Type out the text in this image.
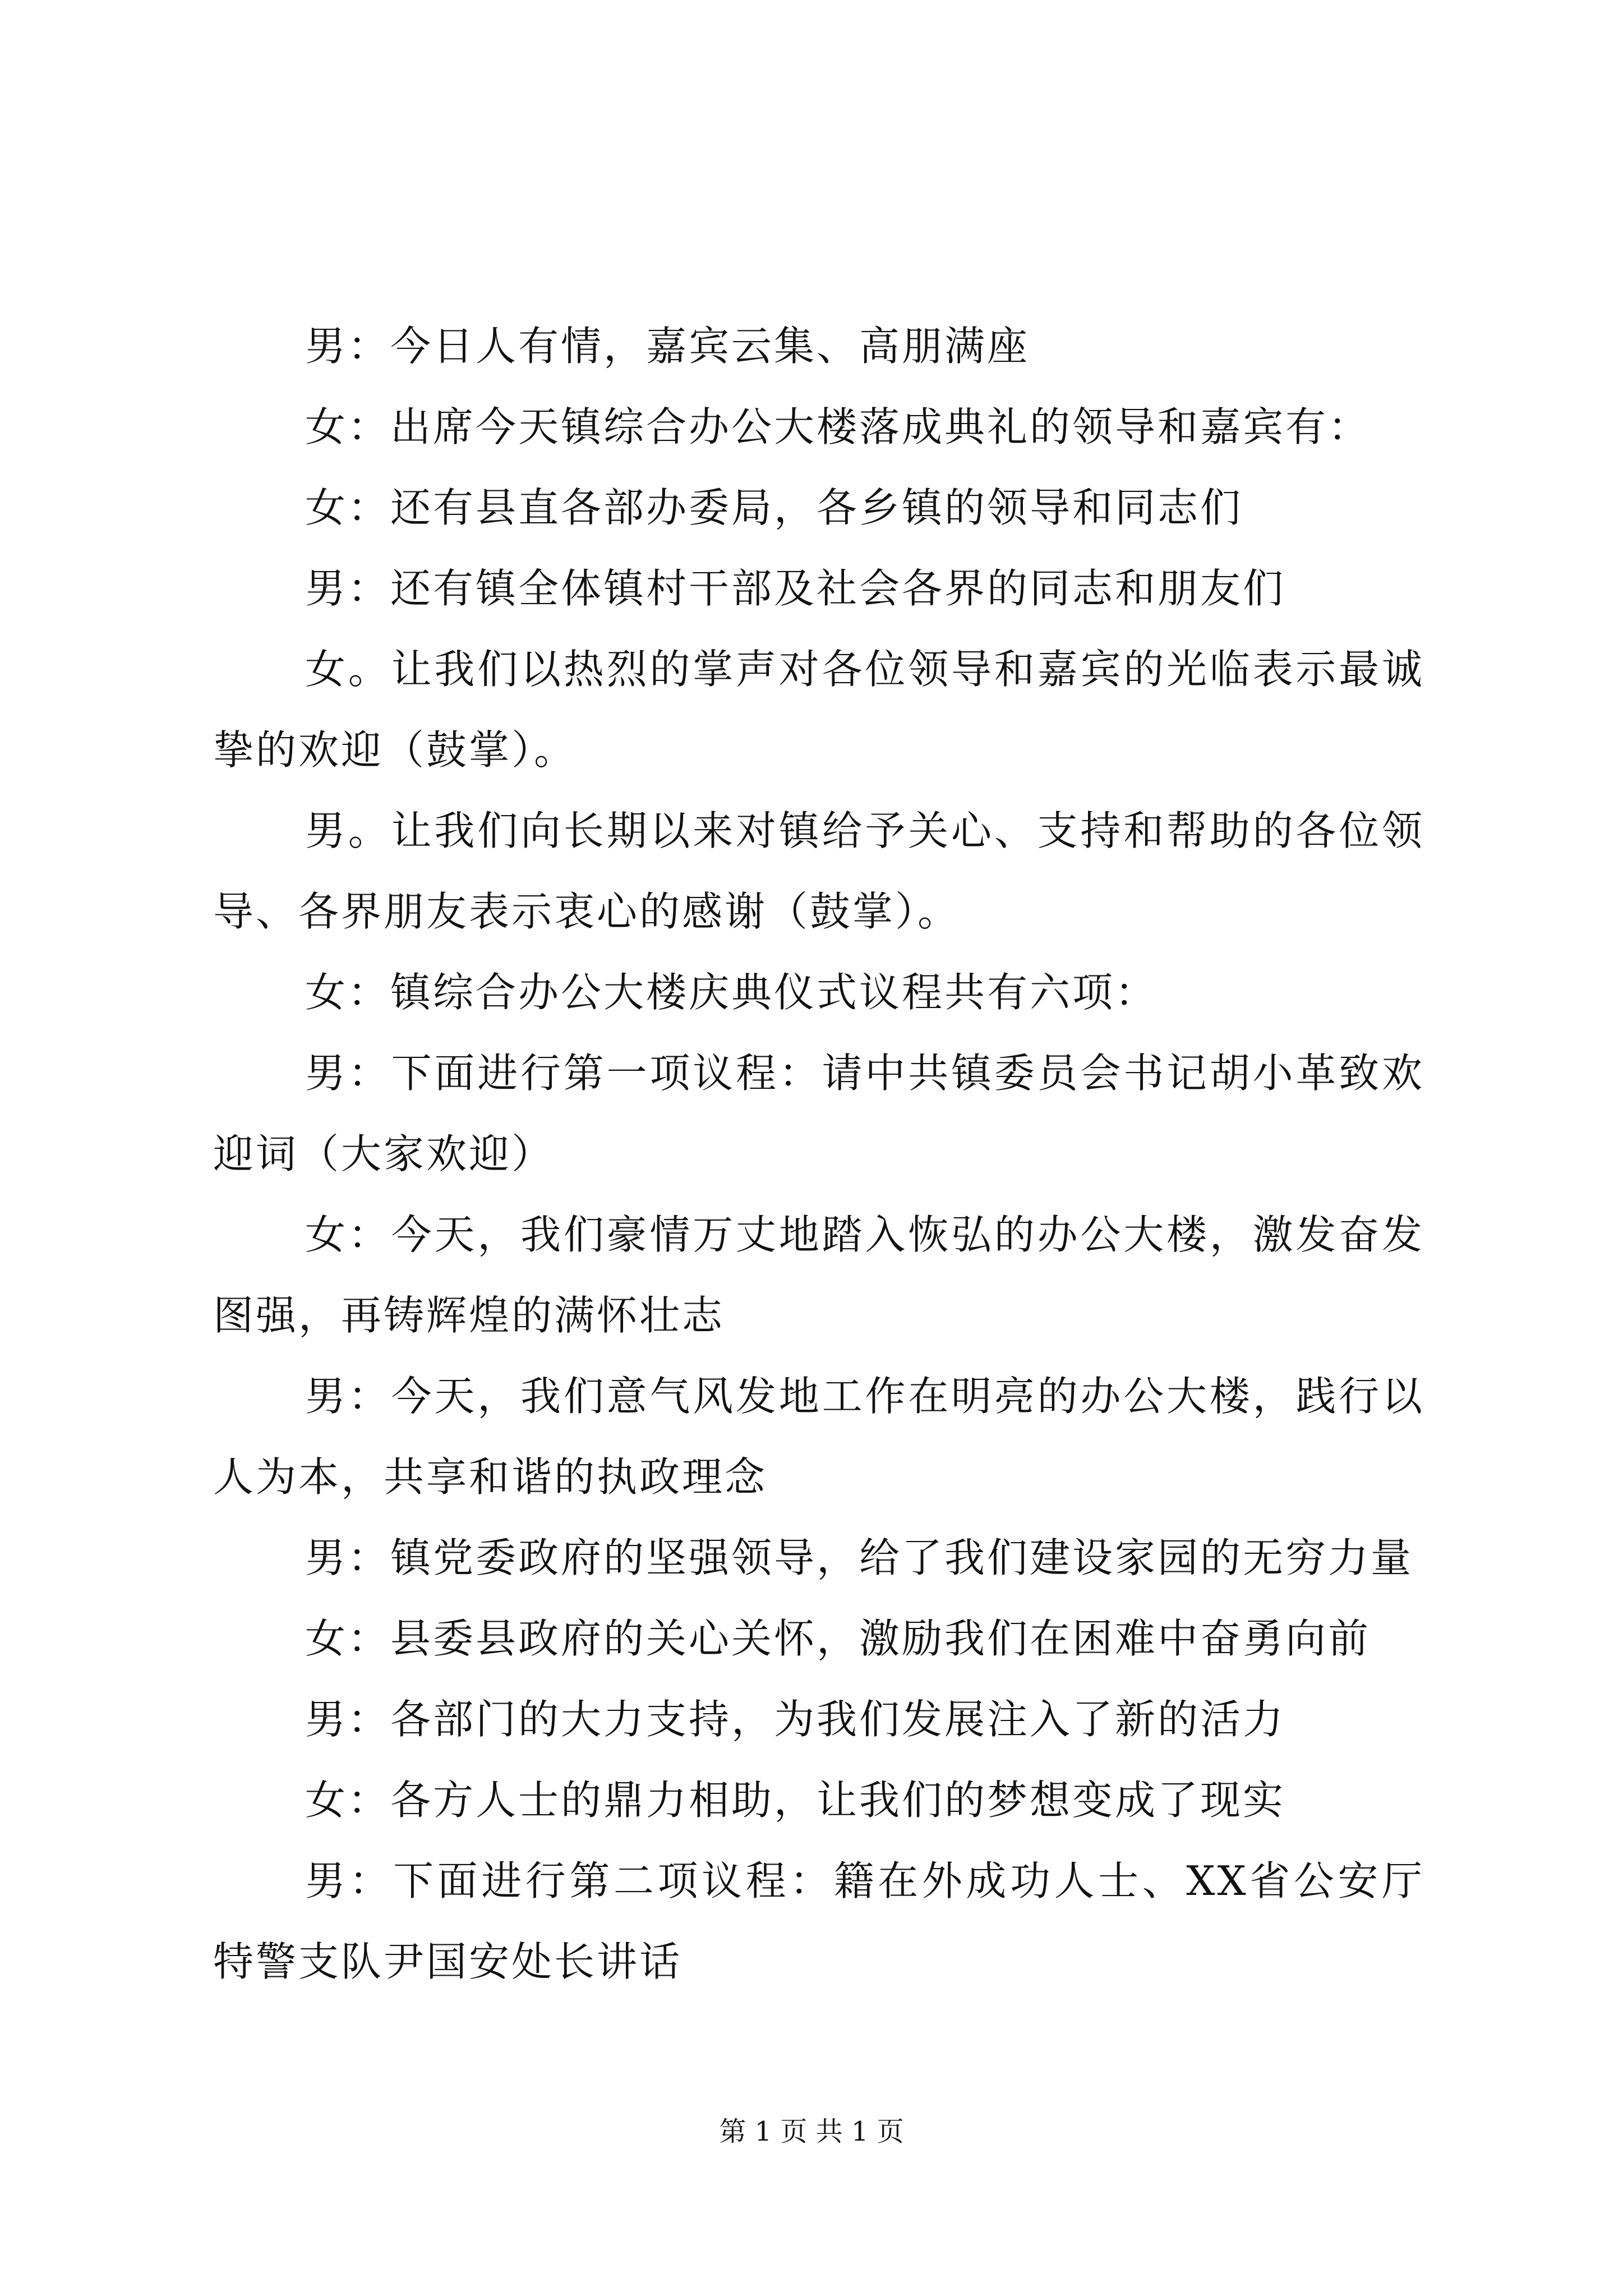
男：今日人有情，嘉宾云集、高朋满座

女：出席今天镇综合办公大楼落成典礼的领导和嘉宾有：

女：还有县直各部办委局，各乡镇的领导和同志们

男：还有镇全体镇村干部及社会各界的同志和朋友们

女。让我们以热烈的掌声对各位领导和嘉宾的光临表示最诚挚的欢迎（鼓掌）。

男。让我们向长期以来对镇给予关心、支持和帮助的各位领导、各界朋友表示衷心的感谢（鼓掌）。

女：镇综合办公大楼庆典仪式议程共有六项：

男：下面进行第一项议程：请中共镇委员会书记胡小革致欢迎词（大家欢迎）

女：今天，我们豪情万丈地踏入恢弘的办公大楼，激发奋发图强，再铸辉煌的满怀壮志

男：今天，我们意气风发地工作在明亮的办公大楼，践行以人为本，共享和谐的执政理念

男：镇党委政府的坚强领导，给了我们建设家园的无穷力量

女：县委县政府的关心关怀，激励我们在困难中奋勇向前

男：各部门的大力支持，为我们发展注入了新的活力

女：各方人士的鼎力相助，让我们的梦想变成了现实

男：下面进行第二项议程：籍在外成功人士、XX省公安厅特警支队尹国安处长讲话

第 1 页 共 1 页
